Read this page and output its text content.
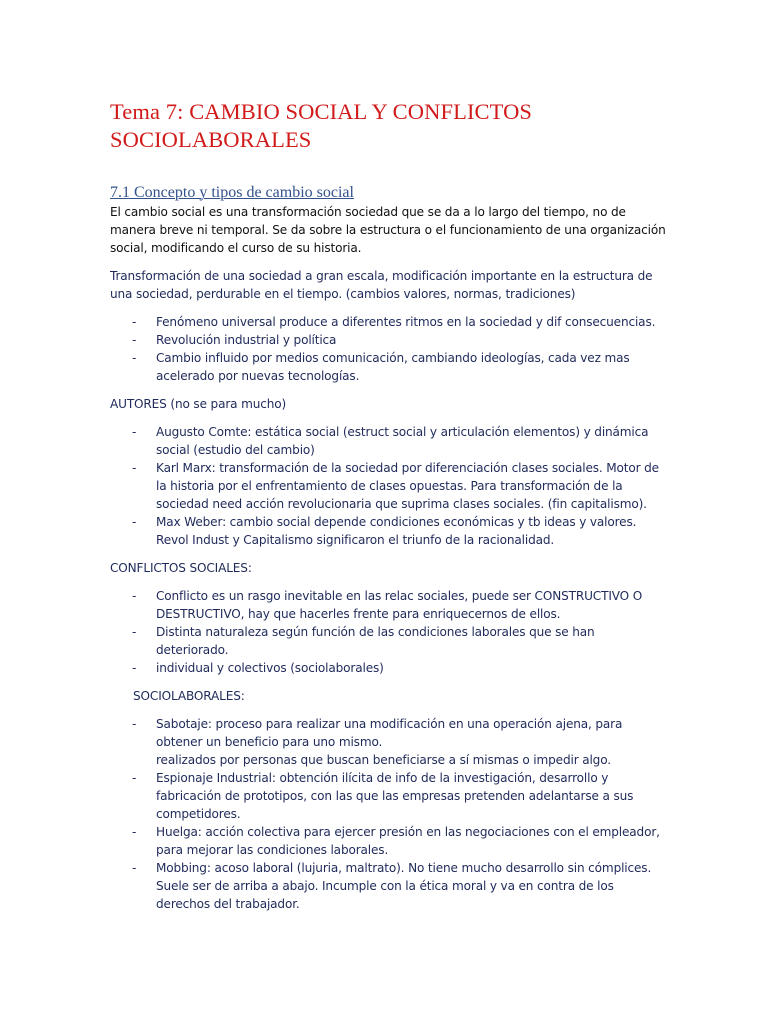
Tema 7: CAMBIO SOCIAL Y CONFLICTOS SOCIOLABORALES
7.1 Concepto y tipos de cambio social

El cambio social es una transformación sociedad que se da a lo largo del tiempo, no de manera breve ni temporal. Se da sobre la estructura o el funcionamiento de una organización social, modificando el curso de su historia.

Transformación de una sociedad a gran escala, modificación importante en la estructura de una sociedad, perdurable en el tiempo. (cambios valores, normas, tradiciones)

- Fenómeno universal produce a diferentes ritmos en la sociedad y dif consecuencias.
- Revolución industrial y política
- Cambio influido por medios comunicación, cambiando ideologías, cada vez mas acelerado por nuevas tecnologías.

AUTORES (no se para mucho)

- Augusto Comte: estática social (estruct social y articulación elementos) y dinámica social (estudio del cambio)
- Karl Marx: transformación de la sociedad por diferenciación clases sociales. Motor de la historia por el enfrentamiento de clases opuestas. Para transformación de la sociedad need acción revolucionaria que suprima clases sociales. (fin capitalismo).
- Max Weber: cambio social depende condiciones económicas y tb ideas y valores. Revol Indust y Capitalismo significaron el triunfo de la racionalidad.

CONFLICTOS SOCIALES:

- Conflicto es un rasgo inevitable en las relac sociales, puede ser CONSTRUCTIVO O DESTRUCTIVO, hay que hacerles frente para enriquecernos de ellos.
- Distinta naturaleza según función de las condiciones laborales que se han deteriorado.
- individual y colectivos (sociolaborales)

SOCIOLABORALES:

- Sabotaje: proceso para realizar una modificación en una operación ajena, para obtener un beneficio para uno mismo.
realizados por personas que buscan beneficiarse a sí mismas o impedir algo.
- Espionaje Industrial: obtención ilícita de info de la investigación, desarrollo y fabricación de prototipos, con las que las empresas pretenden adelantarse a sus competidores.
- Huelga: acción colectiva para ejercer presión en las negociaciones con el empleador, para mejorar las condiciones laborales.
- Mobbing: acoso laboral (lujuria, maltrato). No tiene mucho desarrollo sin cómplices. Suele ser de arriba a abajo. Incumple con la ética moral y va en contra de los derechos del trabajador.
